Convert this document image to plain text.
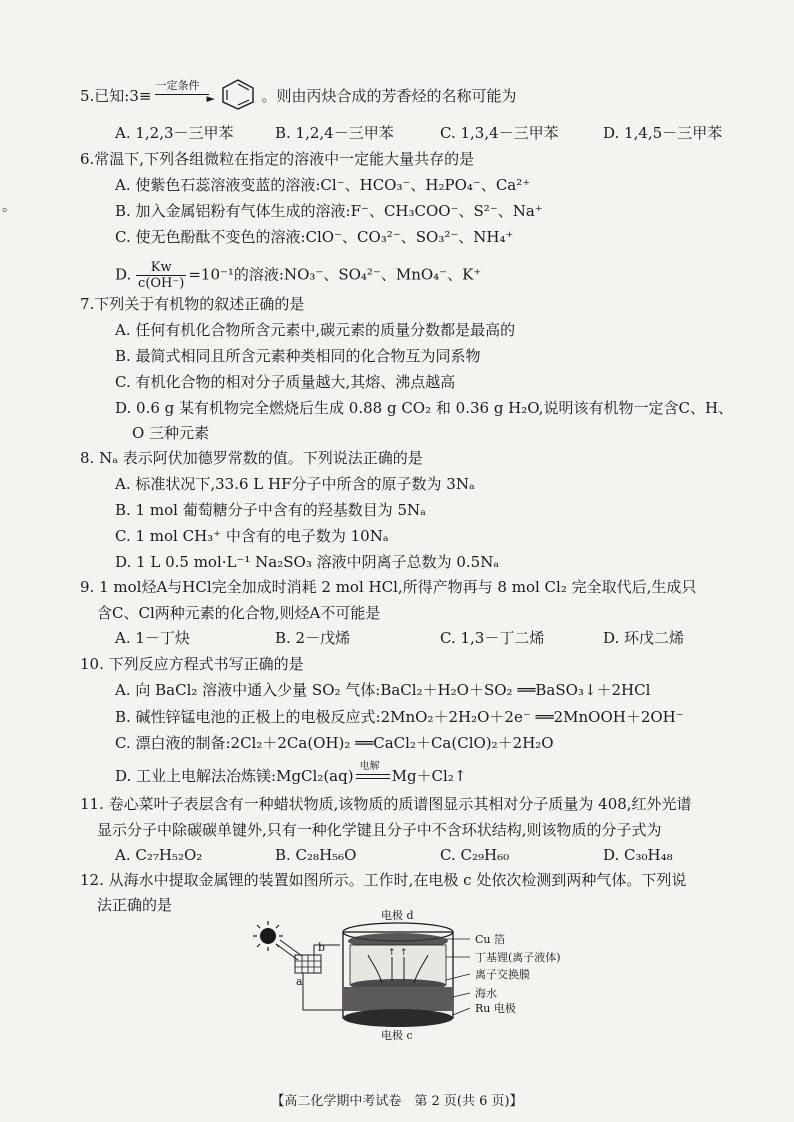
。
5.已知:3≡
一定条件
►	。则由丙炔合成的芳香烃的名称可能为
A. 1,2,3－三甲苯	B. 1,2,4－三甲苯	C. 1,3,4－三甲苯	D. 1,4,5－三甲苯
6.常温下,下列各组微粒在指定的溶液中一定能大量共存的是
A. 使紫色石蕊溶液变蓝的溶液:Cl⁻、HCO₃⁻、H₂PO₄⁻、Ca²⁺
B. 加入金属铝粉有气体生成的溶液:F⁻、CH₃COO⁻、S²⁻、Na⁺
C. 使无色酚酞不变色的溶液:ClO⁻、CO₃²⁻、SO₃²⁻、NH₄⁺
D. $\frac{Kw}{c(OH^-)} =10^{-1}$的溶液:NO₃⁻、SO₄²⁻、MnO₄⁻、K⁺
7.下列关于有机物的叙述正确的是
A. 任何有机化合物所含元素中,碳元素的质量分数都是最高的
B. 最简式相同且所含元素种类相同的化合物互为同系物
C. 有机化合物的相对分子质量越大,其熔、沸点越高
D. 0.6 g 某有机物完全燃烧后生成 0.88 g CO₂ 和 0.36 g H₂O,说明该有机物一定含C、H、
O 三种元素
8. Nₐ 表示阿伏加德罗常数的值。下列说法正确的是
A. 标准状况下,33.6 L HF分子中所含的原子数为 3Nₐ
B. 1 mol 葡萄糖分子中含有的羟基数目为 5Nₐ
C. 1 mol CH₃⁺ 中含有的电子数为 10Nₐ
D. 1 L 0.5 mol·L⁻¹ Na₂SO₃ 溶液中阴离子总数为 0.5Nₐ
9. 1 mol烃A与HCl完全加成时消耗 2 mol HCl,所得产物再与 8 mol Cl₂ 完全取代后,生成只
含C、Cl两种元素的化合物,则烃A不可能是
A. 1－丁炔	B. 2－戊烯	C. 1,3－丁二烯	D. 环戊二烯
10. 下列反应方程式书写正确的是
A. 向 BaCl₂ 溶液中通入少量 SO₂ 气体:BaCl₂＋H₂O＋SO₂ ══BaSO₃↓＋2HCl
B. 碱性锌锰电池的正极上的电极反应式:2MnO₂＋2H₂O＋2e⁻ ══2MnOOH＋2OH⁻
C. 漂白液的制备:2Cl₂＋2Ca(OH)₂ ══CaCl₂＋Ca(ClO)₂＋2H₂O
D. 工业上电解法冶炼镁:MgCl₂(aq)
电解
Mg＋Cl₂↑
11. 卷心菜叶子表层含有一种蜡状物质,该物质的质谱图显示其相对分子质量为 408,红外光谱
显示分子中除碳碳单键外,只有一种化学键且分子中不含环状结构,则该物质的分子式为
A. C₂₇H₅₂O₂	B. C₂₈H₅₆O	C. C₂₉H₆₀	D. C₃₀H₄₈
12. 从海水中提取金属锂的装置如图所示。工作时,在电极 c 处依次检测到两种气体。下列说
法正确的是
↑ ↑
电极 d
Cu 箔
丁基锂(离子液体)
离子交换膜
海水
Ru 电极
电极 c
a
b
【高二化学期中考试卷　第 2 页(共 6 页)】
